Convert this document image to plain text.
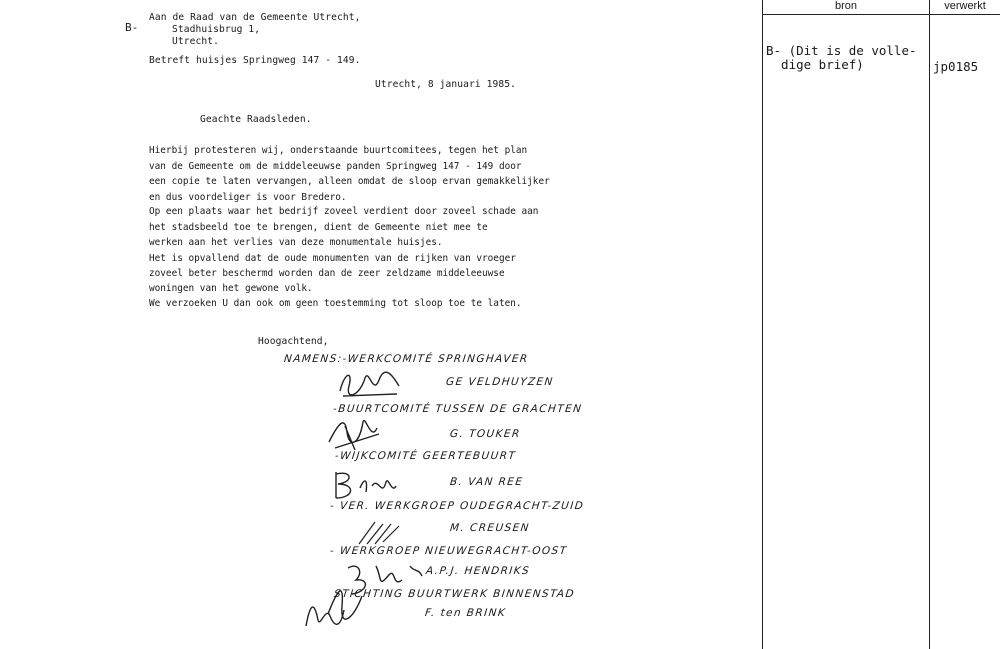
B-
Aan de Raad van de Gemeente Utrecht,
Stadhuisbrug 1,
Utrecht.
Betreft huisjes Springweg 147 - 149.
Utrecht, 8 januari 1985.
Geachte Raadsleden.
Hierbij protesteren wij, onderstaande buurtcomitees, tegen het plan
van de Gemeente om de middeleeuwse panden Springweg 147 - 149 door
een copie te laten vervangen, alleen omdat de sloop ervan gemakkelijker
en dus voordeliger is voor Bredero.
Op een plaats waar het bedrijf zoveel verdient door zoveel schade aan
het stadsbeeld toe te brengen, dient de Gemeente niet mee te
werken aan het verlies van deze monumentale huisjes.
Het is opvallend dat de oude monumenten van de rijken van vroeger
zoveel beter beschermd worden dan de zeer zeldzame middeleeuwse
woningen van het gewone volk.
We verzoeken U dan ook om geen toestemming tot sloop toe te laten.
Hoogachtend,
NAMENS:-WERKCOMITÉ SPRINGHAVER
GE VELDHUYZEN
-BUURTCOMITÉ TUSSEN DE GRACHTEN
G. TOUKER
-WIJKCOMITÉ GEERTEBUURT
B. VAN REE
- VER. WERKGROEP OUDEGRACHT-ZUID
M. CREUSEN
- WERKGROEP NIEUWEGRACHT-OOST
- A.P.J. HENDRIKS
STICHTING BUURTWERK BINNENSTAD
F. ten BRINK
bron	verwerkt
B- (Dit is de volle-
dige brief)	jp0185
